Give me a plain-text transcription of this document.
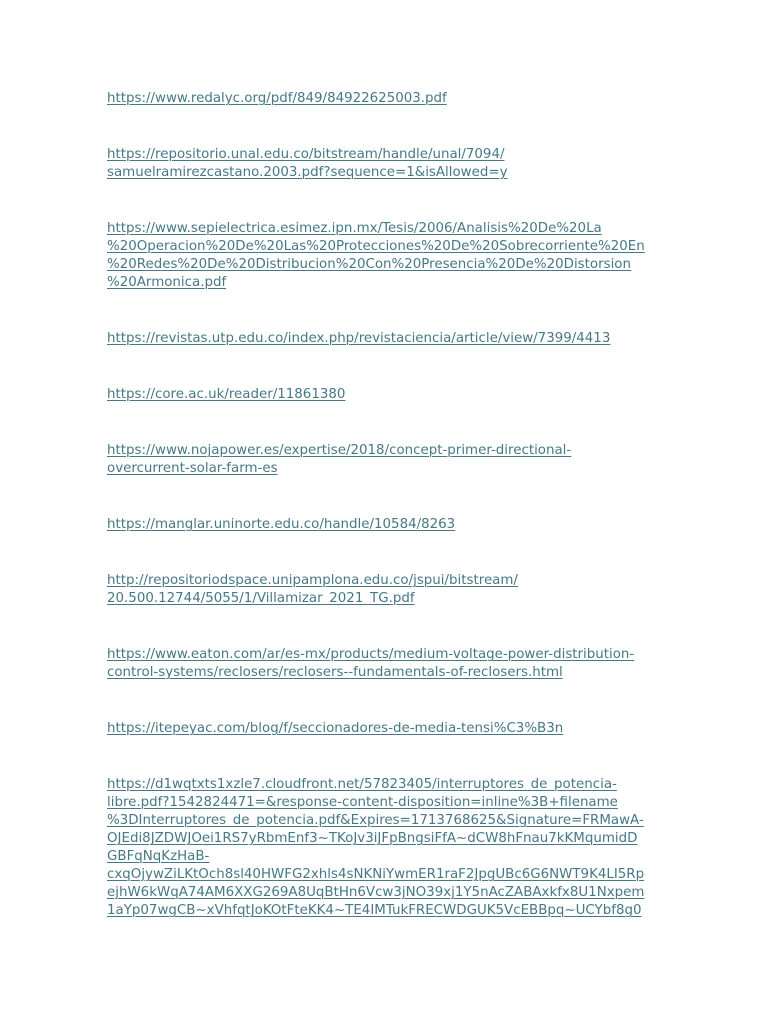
https://www.redalyc.org/pdf/849/84922625003.pdf
https://repositorio.unal.edu.co/bitstream/handle/unal/7094/
samuelramirezcastano.2003.pdf?sequence=1&isAllowed=y
https://www.sepielectrica.esimez.ipn.mx/Tesis/2006/Analisis%20De%20La
%20Operacion%20De%20Las%20Protecciones%20De%20Sobrecorriente%20En
%20Redes%20De%20Distribucion%20Con%20Presencia%20De%20Distorsion
%20Armonica.pdf
https://revistas.utp.edu.co/index.php/revistaciencia/article/view/7399/4413
https://core.ac.uk/reader/11861380
https://www.nojapower.es/expertise/2018/concept-primer-directional-
overcurrent-solar-farm-es
https://manglar.uninorte.edu.co/handle/10584/8263
http://repositoriodspace.unipamplona.edu.co/jspui/bitstream/
20.500.12744/5055/1/Villamizar_2021_TG.pdf
https://www.eaton.com/ar/es-mx/products/medium-voltage-power-distribution-
control-systems/reclosers/reclosers--fundamentals-of-reclosers.html
https://itepeyac.com/blog/f/seccionadores-de-media-tensi%C3%B3n
https://d1wqtxts1xzle7.cloudfront.net/57823405/interruptores_de_potencia-
libre.pdf?1542824471=&response-content-disposition=inline%3B+filename
%3DInterruptores_de_potencia.pdf&Expires=1713768625&Signature=FRMawA-
OJEdi8JZDWJOei1RS7yRbmEnf3~TKoJv3iJFpBngsiFfA~dCW8hFnau7kKMqumidD
GBFqNqKzHaB-
cxqOjywZiLKtOch8sl40HWFG2xhls4sNKNiYwmER1raF2JpgUBc6G6NWT9K4LI5Rp
ejhW6kWqA74AM6XXG269A8UqBtHn6Vcw3jNO39xj1Y5nAcZABAxkfx8U1Nxpem
1aYp07wgCB~xVhfqtJoKOtFteKK4~TE4IMTukFRECWDGUK5VcEBBpq~UCYbf8g0
